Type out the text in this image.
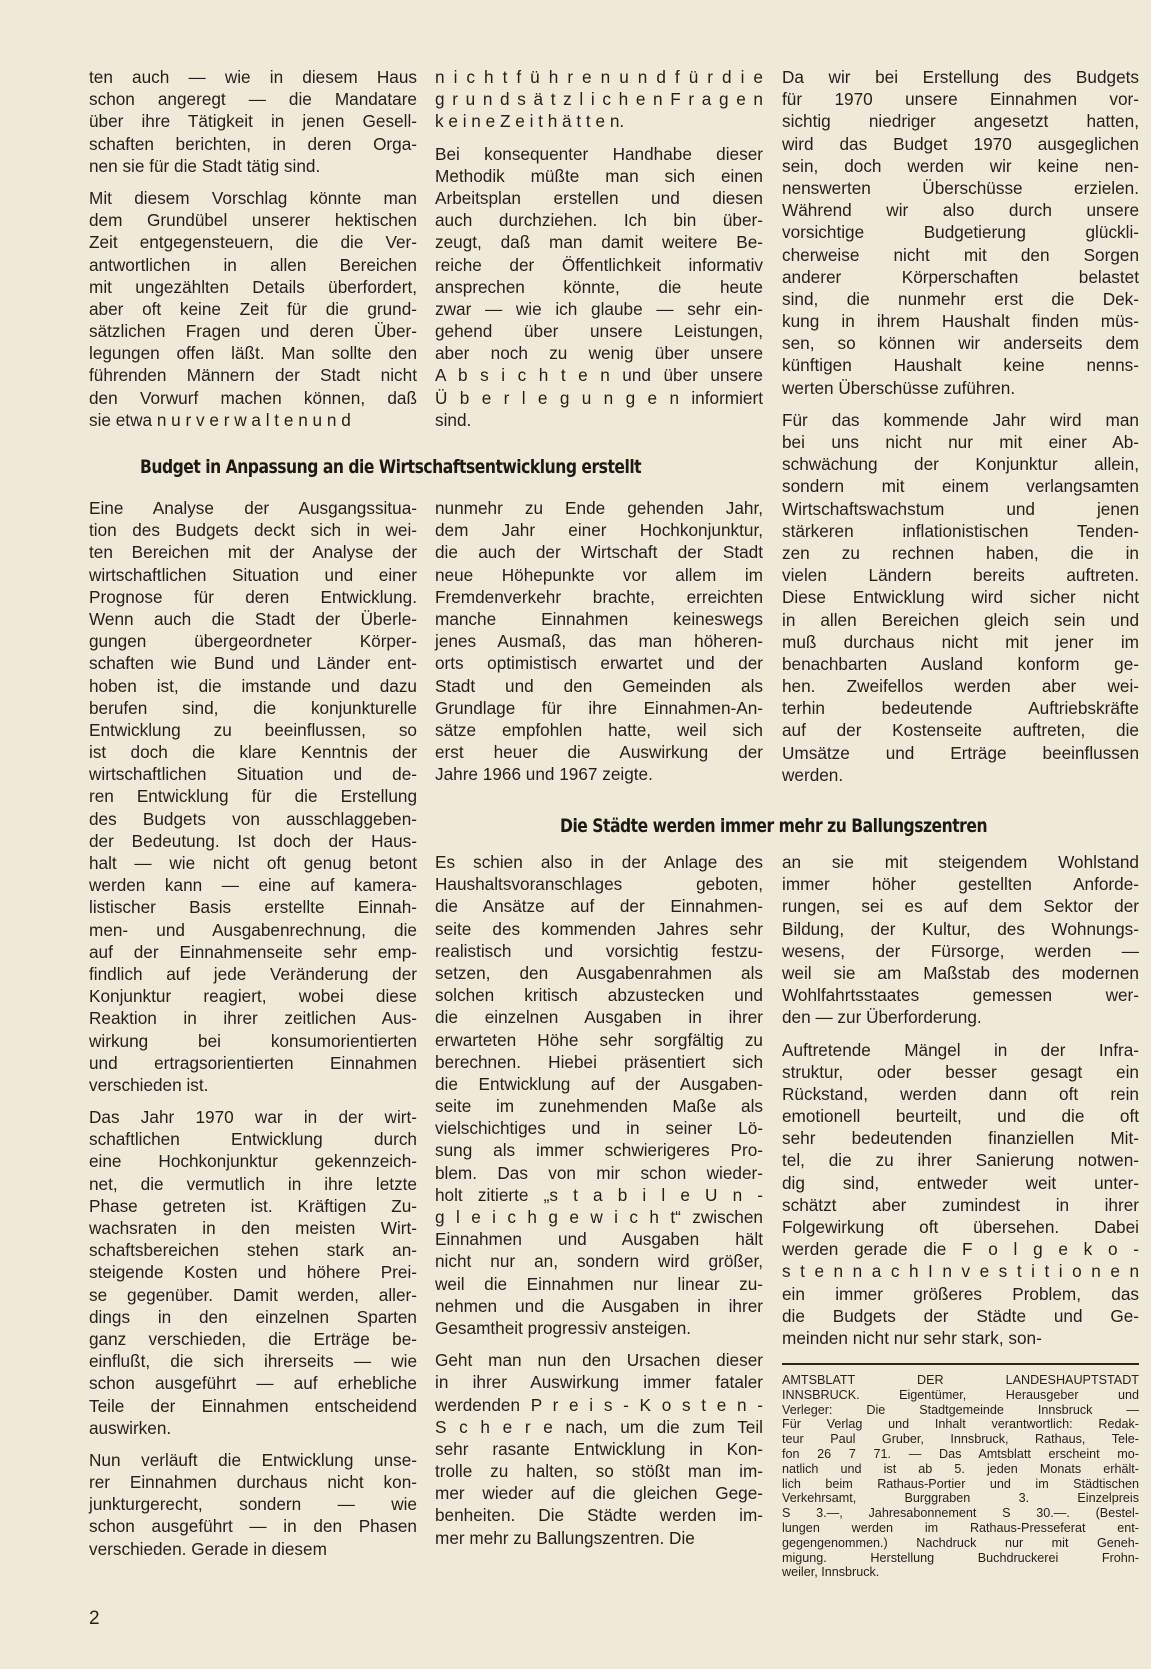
ten auch — wie in diesem Haus
schon angeregt — die Mandatare
über ihre Tätigkeit in jenen Gesell-
schaften berichten, in deren Orga-
nen sie für die Stadt tätig sind.
Mit diesem Vorschlag könnte man
dem Grundübel unserer hektischen
Zeit entgegensteuern, die die Ver-
antwortlichen in allen Bereichen
mit ungezählten Details überfordert,
aber oft keine Zeit für die grund-
sätzlichen Fragen und deren Über-
legungen offen läßt. Man sollte den
führenden Männern der Stadt nicht
den Vorwurf machen können, daß
sie etwa n u r v e r w a l t e n u n d
n i c h t f ü h r e n u n d f ü r d i e
g r u n d s ä t z l i c h e n F r a g e n
k e i n e Z e i t h ä t t e n.
Bei konsequenter Handhabe dieser
Methodik müßte man sich einen
Arbeitsplan erstellen und diesen
auch durchziehen. Ich bin über-
zeugt, daß man damit weitere Be-
reiche der Öffentlichkeit informativ
ansprechen könnte, die heute
zwar — wie ich glaube — sehr ein-
gehend über unsere Leistungen,
aber noch zu wenig über unsere
A b s i c h t e n und über unsere
Ü b e r l e g u n g e n informiert
sind.
Da wir bei Erstellung des Budgets
für 1970 unsere Einnahmen vor-
sichtig niedriger angesetzt hatten,
wird das Budget 1970 ausgeglichen
sein, doch werden wir keine nen-
nenswerten Überschüsse erzielen.
Während wir also durch unsere
vorsichtige Budgetierung glückli-
cherweise nicht mit den Sorgen
anderer Körperschaften belastet
sind, die nunmehr erst die Dek-
kung in ihrem Haushalt finden müs-
sen, so können wir anderseits dem
künftigen Haushalt keine nenns-
werten Überschüsse zuführen.
Für das kommende Jahr wird man
bei uns nicht nur mit einer Ab-
schwächung der Konjunktur allein,
sondern mit einem verlangsamten
Wirtschaftswachstum und jenen
stärkeren inflationistischen Tenden-
zen zu rechnen haben, die in
vielen Ländern bereits auftreten.
Diese Entwicklung wird sicher nicht
in allen Bereichen gleich sein und
muß durchaus nicht mit jener im
benachbarten Ausland konform ge-
hen. Zweifellos werden aber wei-
terhin bedeutende Auftriebskräfte
auf der Kostenseite auftreten, die
Umsätze und Erträge beeinflussen
werden.
Budget in Anpassung an die Wirtschaftsentwicklung erstellt
Eine Analyse der Ausgangssitua-
tion des Budgets deckt sich in wei-
ten Bereichen mit der Analyse der
wirtschaftlichen Situation und einer
Prognose für deren Entwicklung.
Wenn auch die Stadt der Überle-
gungen übergeordneter Körper-
schaften wie Bund und Länder ent-
hoben ist, die imstande und dazu
berufen sind, die konjunkturelle
Entwicklung zu beeinflussen, so
ist doch die klare Kenntnis der
wirtschaftlichen Situation und de-
ren Entwicklung für die Erstellung
des Budgets von ausschlaggeben-
der Bedeutung. Ist doch der Haus-
halt — wie nicht oft genug betont
werden kann — eine auf kamera-
listischer Basis erstellte Einnah-
men- und Ausgabenrechnung, die
auf der Einnahmenseite sehr emp-
findlich auf jede Veränderung der
Konjunktur reagiert, wobei diese
Reaktion in ihrer zeitlichen Aus-
wirkung bei konsumorientierten
und ertragsorientierten Einnahmen
verschieden ist.
Das Jahr 1970 war in der wirt-
schaftlichen Entwicklung durch
eine Hochkonjunktur gekennzeich-
net, die vermutlich in ihre letzte
Phase getreten ist. Kräftigen Zu-
wachsraten in den meisten Wirt-
schaftsbereichen stehen stark an-
steigende Kosten und höhere Prei-
se gegenüber. Damit werden, aller-
dings in den einzelnen Sparten
ganz verschieden, die Erträge be-
einflußt, die sich ihrerseits — wie
schon ausgeführt — auf erhebliche
Teile der Einnahmen entscheidend
auswirken.
Nun verläuft die Entwicklung unse-
rer Einnahmen durchaus nicht kon-
junkturgerecht, sondern — wie
schon ausgeführt — in den Phasen
verschieden. Gerade in diesem
nunmehr zu Ende gehenden Jahr,
dem Jahr einer Hochkonjunktur,
die auch der Wirtschaft der Stadt
neue Höhepunkte vor allem im
Fremdenverkehr brachte, erreichten
manche Einnahmen keineswegs
jenes Ausmaß, das man höheren-
orts optimistisch erwartet und der
Stadt und den Gemeinden als
Grundlage für ihre Einnahmen-An-
sätze empfohlen hatte, weil sich
erst heuer die Auswirkung der
Jahre 1966 und 1967 zeigte.
Die Städte werden immer mehr zu Ballungszentren
Es schien also in der Anlage des
Haushaltsvoranschlages geboten,
die Ansätze auf der Einnahmen-
seite des kommenden Jahres sehr
realistisch und vorsichtig festzu-
setzen, den Ausgabenrahmen als
solchen kritisch abzustecken und
die einzelnen Ausgaben in ihrer
erwarteten Höhe sehr sorgfältig zu
berechnen. Hiebei präsentiert sich
die Entwicklung auf der Ausgaben-
seite im zunehmenden Maße als
vielschichtiges und in seiner Lö-
sung als immer schwierigeres Pro-
blem. Das von mir schon wieder-
holt zitierte „s t a b i l e U n -
g l e i c h g e w i c h t“ zwischen
Einnahmen und Ausgaben hält
nicht nur an, sondern wird größer,
weil die Einnahmen nur linear zu-
nehmen und die Ausgaben in ihrer
Gesamtheit progressiv ansteigen.
Geht man nun den Ursachen dieser
in ihrer Auswirkung immer fataler
werdenden P r e i s - K o s t e n -
S c h e r e nach, um die zum Teil
sehr rasante Entwicklung in Kon-
trolle zu halten, so stößt man im-
mer wieder auf die gleichen Gege-
benheiten. Die Städte werden im-
mer mehr zu Ballungszentren. Die
an sie mit steigendem Wohlstand
immer höher gestellten Anforde-
rungen, sei es auf dem Sektor der
Bildung, der Kultur, des Wohnungs-
wesens, der Fürsorge, werden —
weil sie am Maßstab des modernen
Wohlfahrtsstaates gemessen wer-
den — zur Überforderung.
Auftretende Mängel in der Infra-
struktur, oder besser gesagt ein
Rückstand, werden dann oft rein
emotionell beurteilt, und die oft
sehr bedeutenden finanziellen Mit-
tel, die zu ihrer Sanierung notwen-
dig sind, entweder weit unter-
schätzt aber zumindest in ihrer
Folgewirkung oft übersehen. Dabei
werden gerade die F o l g e k o -
s t e n n a c h I n v e s t i t i o n e n
ein immer größeres Problem, das
die Budgets der Städte und Ge-
meinden nicht nur sehr stark, son-
AMTSBLATT DER LANDESHAUPTSTADT
INNSBRUCK. Eigentümer, Herausgeber und
Verleger: Die Stadtgemeinde Innsbruck —
Für Verlag und Inhalt verantwortlich: Redak-
teur Paul Gruber, Innsbruck, Rathaus, Tele-
fon 26 7 71. — Das Amtsblatt erscheint mo-
natlich und ist ab 5. jeden Monats erhält-
lich beim Rathaus-Portier und im Städtischen
Verkehrsamt, Burggraben 3. Einzelpreis
S 3.—, Jahresabonnement S 30.—. (Bestel-
lungen werden im Rathaus-Presseferat ent-
gegengenommen.) Nachdruck nur mit Geneh-
migung. Herstellung Buchdruckerei Frohn-
weiler, Innsbruck.
2
